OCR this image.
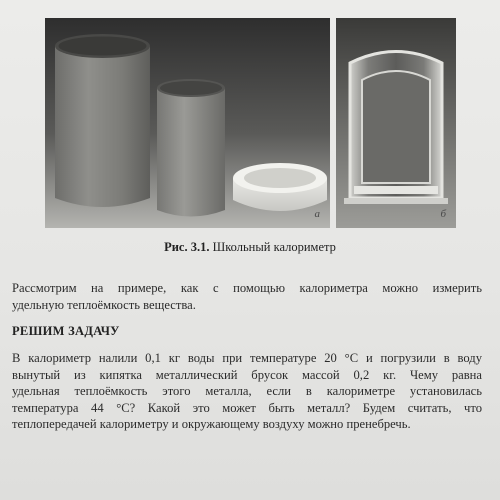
а	б
Рис. 3.1. Школьный калориметр
Рассмотрим на примере, как с помощью калориметра можно измерить
удельную теплоёмкость вещества.
РЕШИМ ЗАДАЧУ
В калориметр налили 0,1 кг воды при температуре 20 °С и погрузили в воду
вынутый из кипятка металлический брусок массой 0,2 кг. Чему равна
удельная теплоёмкость этого металла, если в калориметре установилась
температура 44 °С? Какой это может быть металл? Будем считать, что
теплопередачей калориметру и окружающему воздуху можно пренебречь.
